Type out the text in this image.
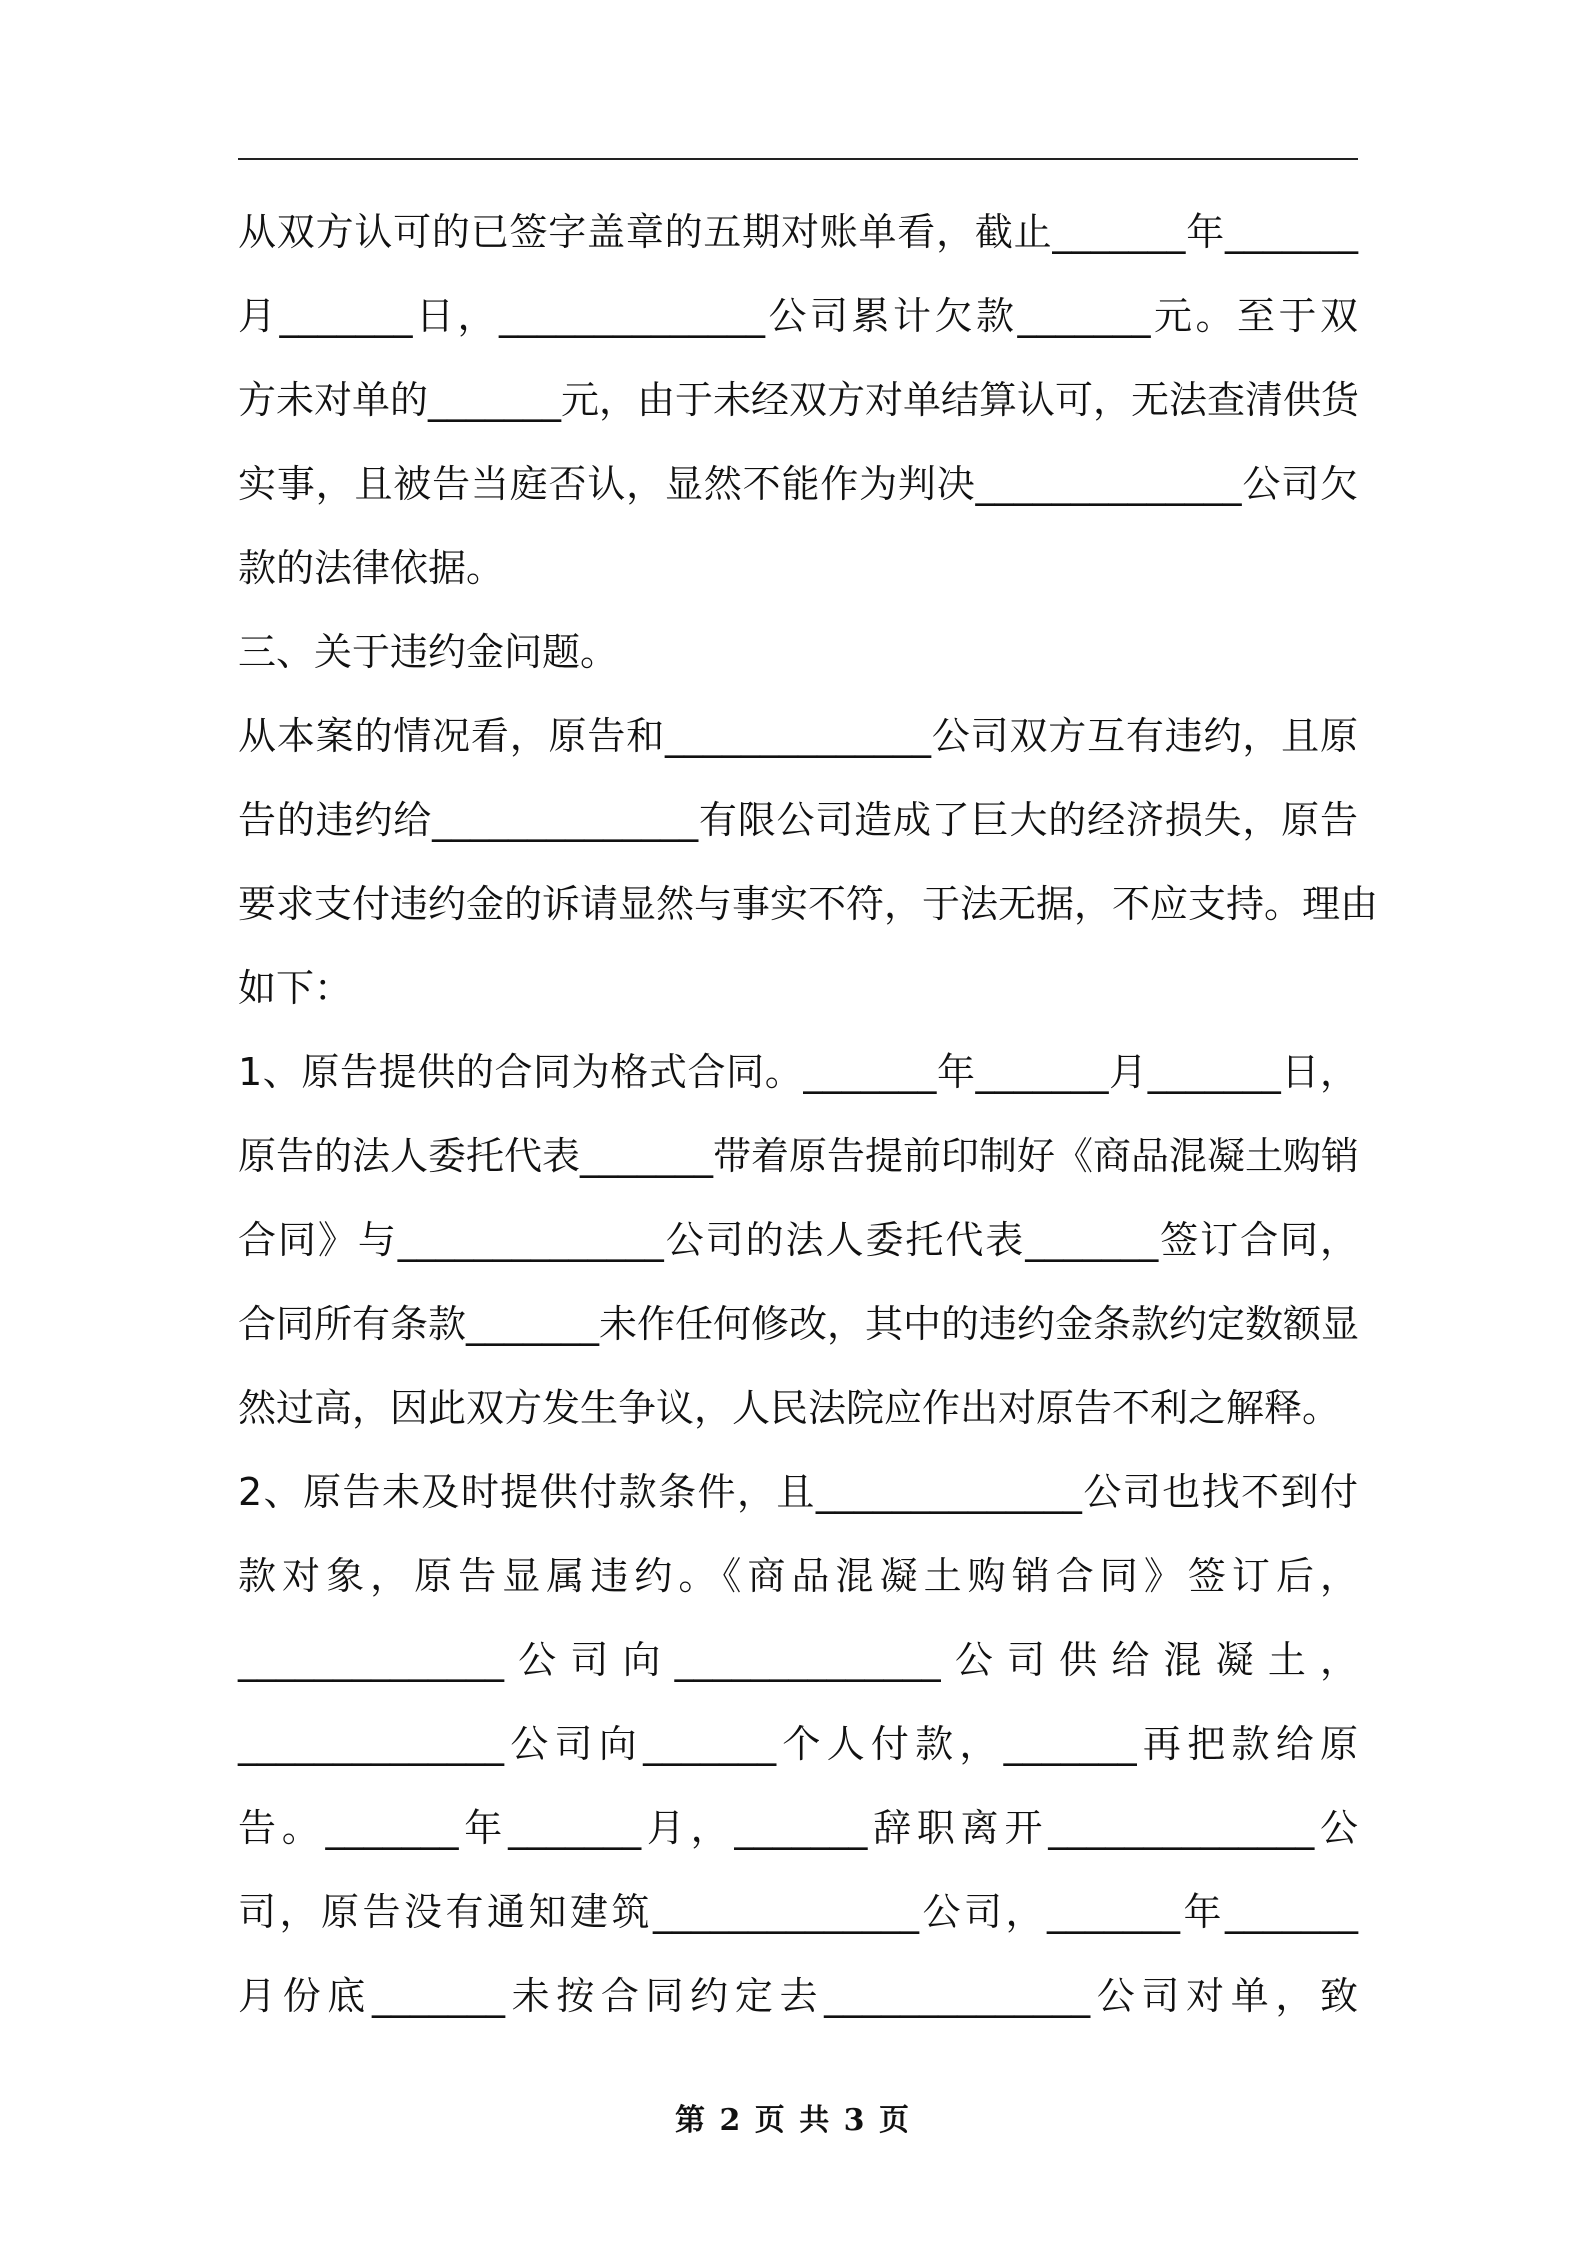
从双方认可的已签字盖章的五期对账单看，截止_______年_______
月_______日，______________公司累计欠款_______元。至于双
方未对单的_______元，由于未经双方对单结算认可，无法查清供货
实事，且被告当庭否认，显然不能作为判决______________公司欠
款的法律依据。
三、关于违约金问题。
从本案的情况看，原告和______________公司双方互有违约，且原
告的违约给______________有限公司造成了巨大的经济损失，原告
要求支付违约金的诉请显然与事实不符，于法无据，不应支持。理由
如下：
1、原告提供的合同为格式合同。_______年_______月_______日，
原告的法人委托代表_______带着原告提前印制好《商品混凝土购销
合同》与______________公司的法人委托代表_______签订合同，
合同所有条款_______未作任何修改，其中的违约金条款约定数额显
然过高，因此双方发生争议，人民法院应作出对原告不利之解释。
2、原告未及时提供付款条件，且______________公司也找不到付
款对象，原告显属违约。《商品混凝土购销合同》签订后，
______________公司向______________公司供给混凝土，
______________公司向_______个人付款，_______再把款给原
告。_______年_______月，_______辞职离开______________公
司，原告没有通知建筑______________公司，_______年_______
月份底_______未按合同约定去______________公司对单，致
第 2 页 共 3 页
